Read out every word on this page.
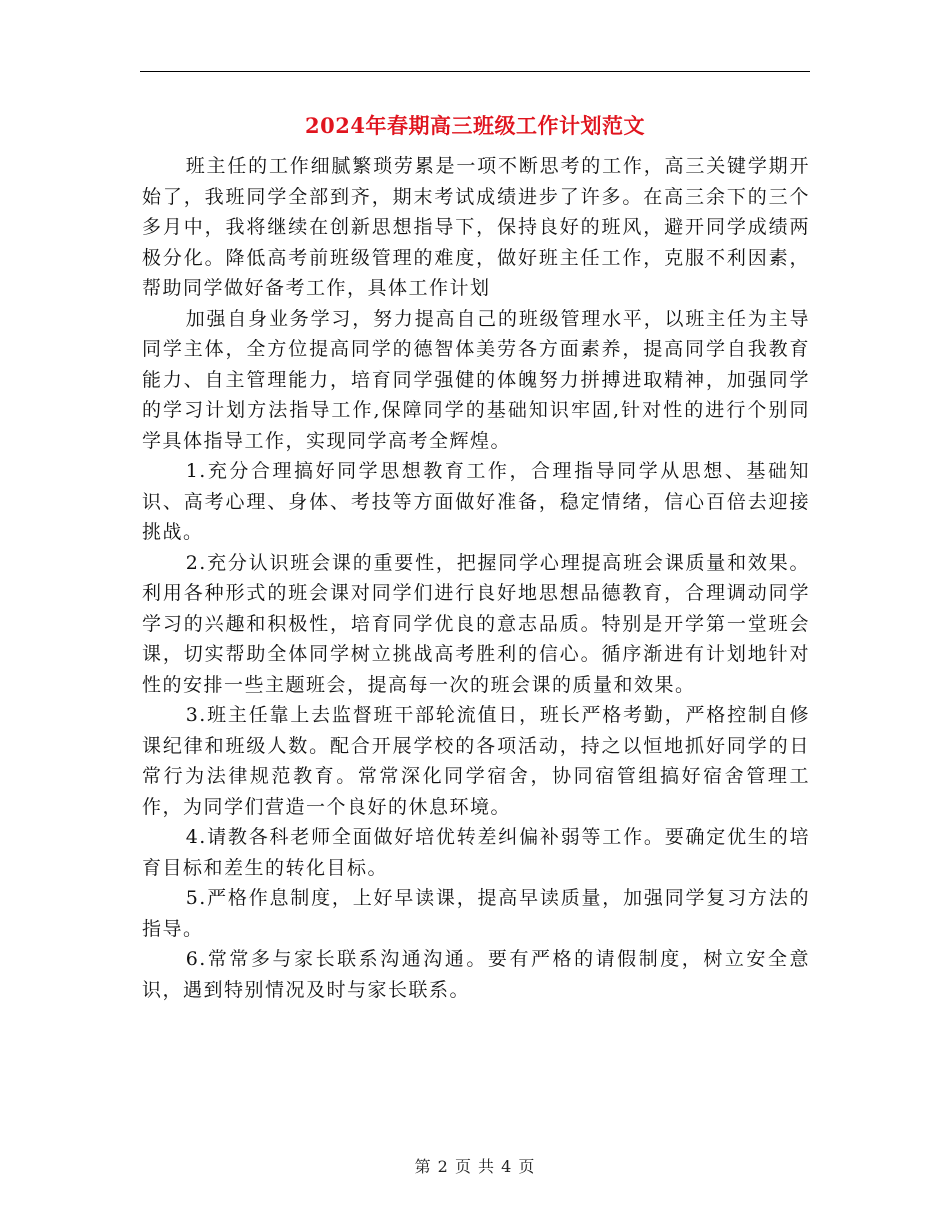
2024年春期高三班级工作计划范文

班主任的工作细腻繁琐劳累是一项不断思考的工作，高三关键学期开始了，我班同学全部到齐，期末考试成绩进步了许多。在高三余下的三个多月中，我将继续在创新思想指导下，保持良好的班风，避开同学成绩两极分化。降低高考前班级管理的难度，做好班主任工作，克服不利因素，帮助同学做好备考工作，具体工作计划

加强自身业务学习，努力提高自己的班级管理水平，以班主任为主导同学主体，全方位提高同学的德智体美劳各方面素养，提高同学自我教育能力、自主管理能力，培育同学强健的体魄努力拼搏进取精神，加强同学的学习计划方法指导工作,保障同学的基础知识牢固,针对性的进行个别同学具体指导工作，实现同学高考全辉煌。

1.充分合理搞好同学思想教育工作，合理指导同学从思想、基础知识、高考心理、身体、考技等方面做好准备，稳定情绪，信心百倍去迎接挑战。

2.充分认识班会课的重要性，把握同学心理提高班会课质量和效果。利用各种形式的班会课对同学们进行良好地思想品德教育，合理调动同学学习的兴趣和积极性，培育同学优良的意志品质。特别是开学第一堂班会课，切实帮助全体同学树立挑战高考胜利的信心。循序渐进有计划地针对性的安排一些主题班会，提高每一次的班会课的质量和效果。

3.班主任靠上去监督班干部轮流值日，班长严格考勤，严格控制自修课纪律和班级人数。配合开展学校的各项活动，持之以恒地抓好同学的日常行为法律规范教育。常常深化同学宿舍，协同宿管组搞好宿舍管理工作，为同学们营造一个良好的休息环境。

4.请教各科老师全面做好培优转差纠偏补弱等工作。要确定优生的培育目标和差生的转化目标。

5.严格作息制度，上好早读课，提高早读质量，加强同学复习方法的指导。

6.常常多与家长联系沟通沟通。要有严格的请假制度，树立安全意识，遇到特别情况及时与家长联系。

第 2 页 共 4 页
